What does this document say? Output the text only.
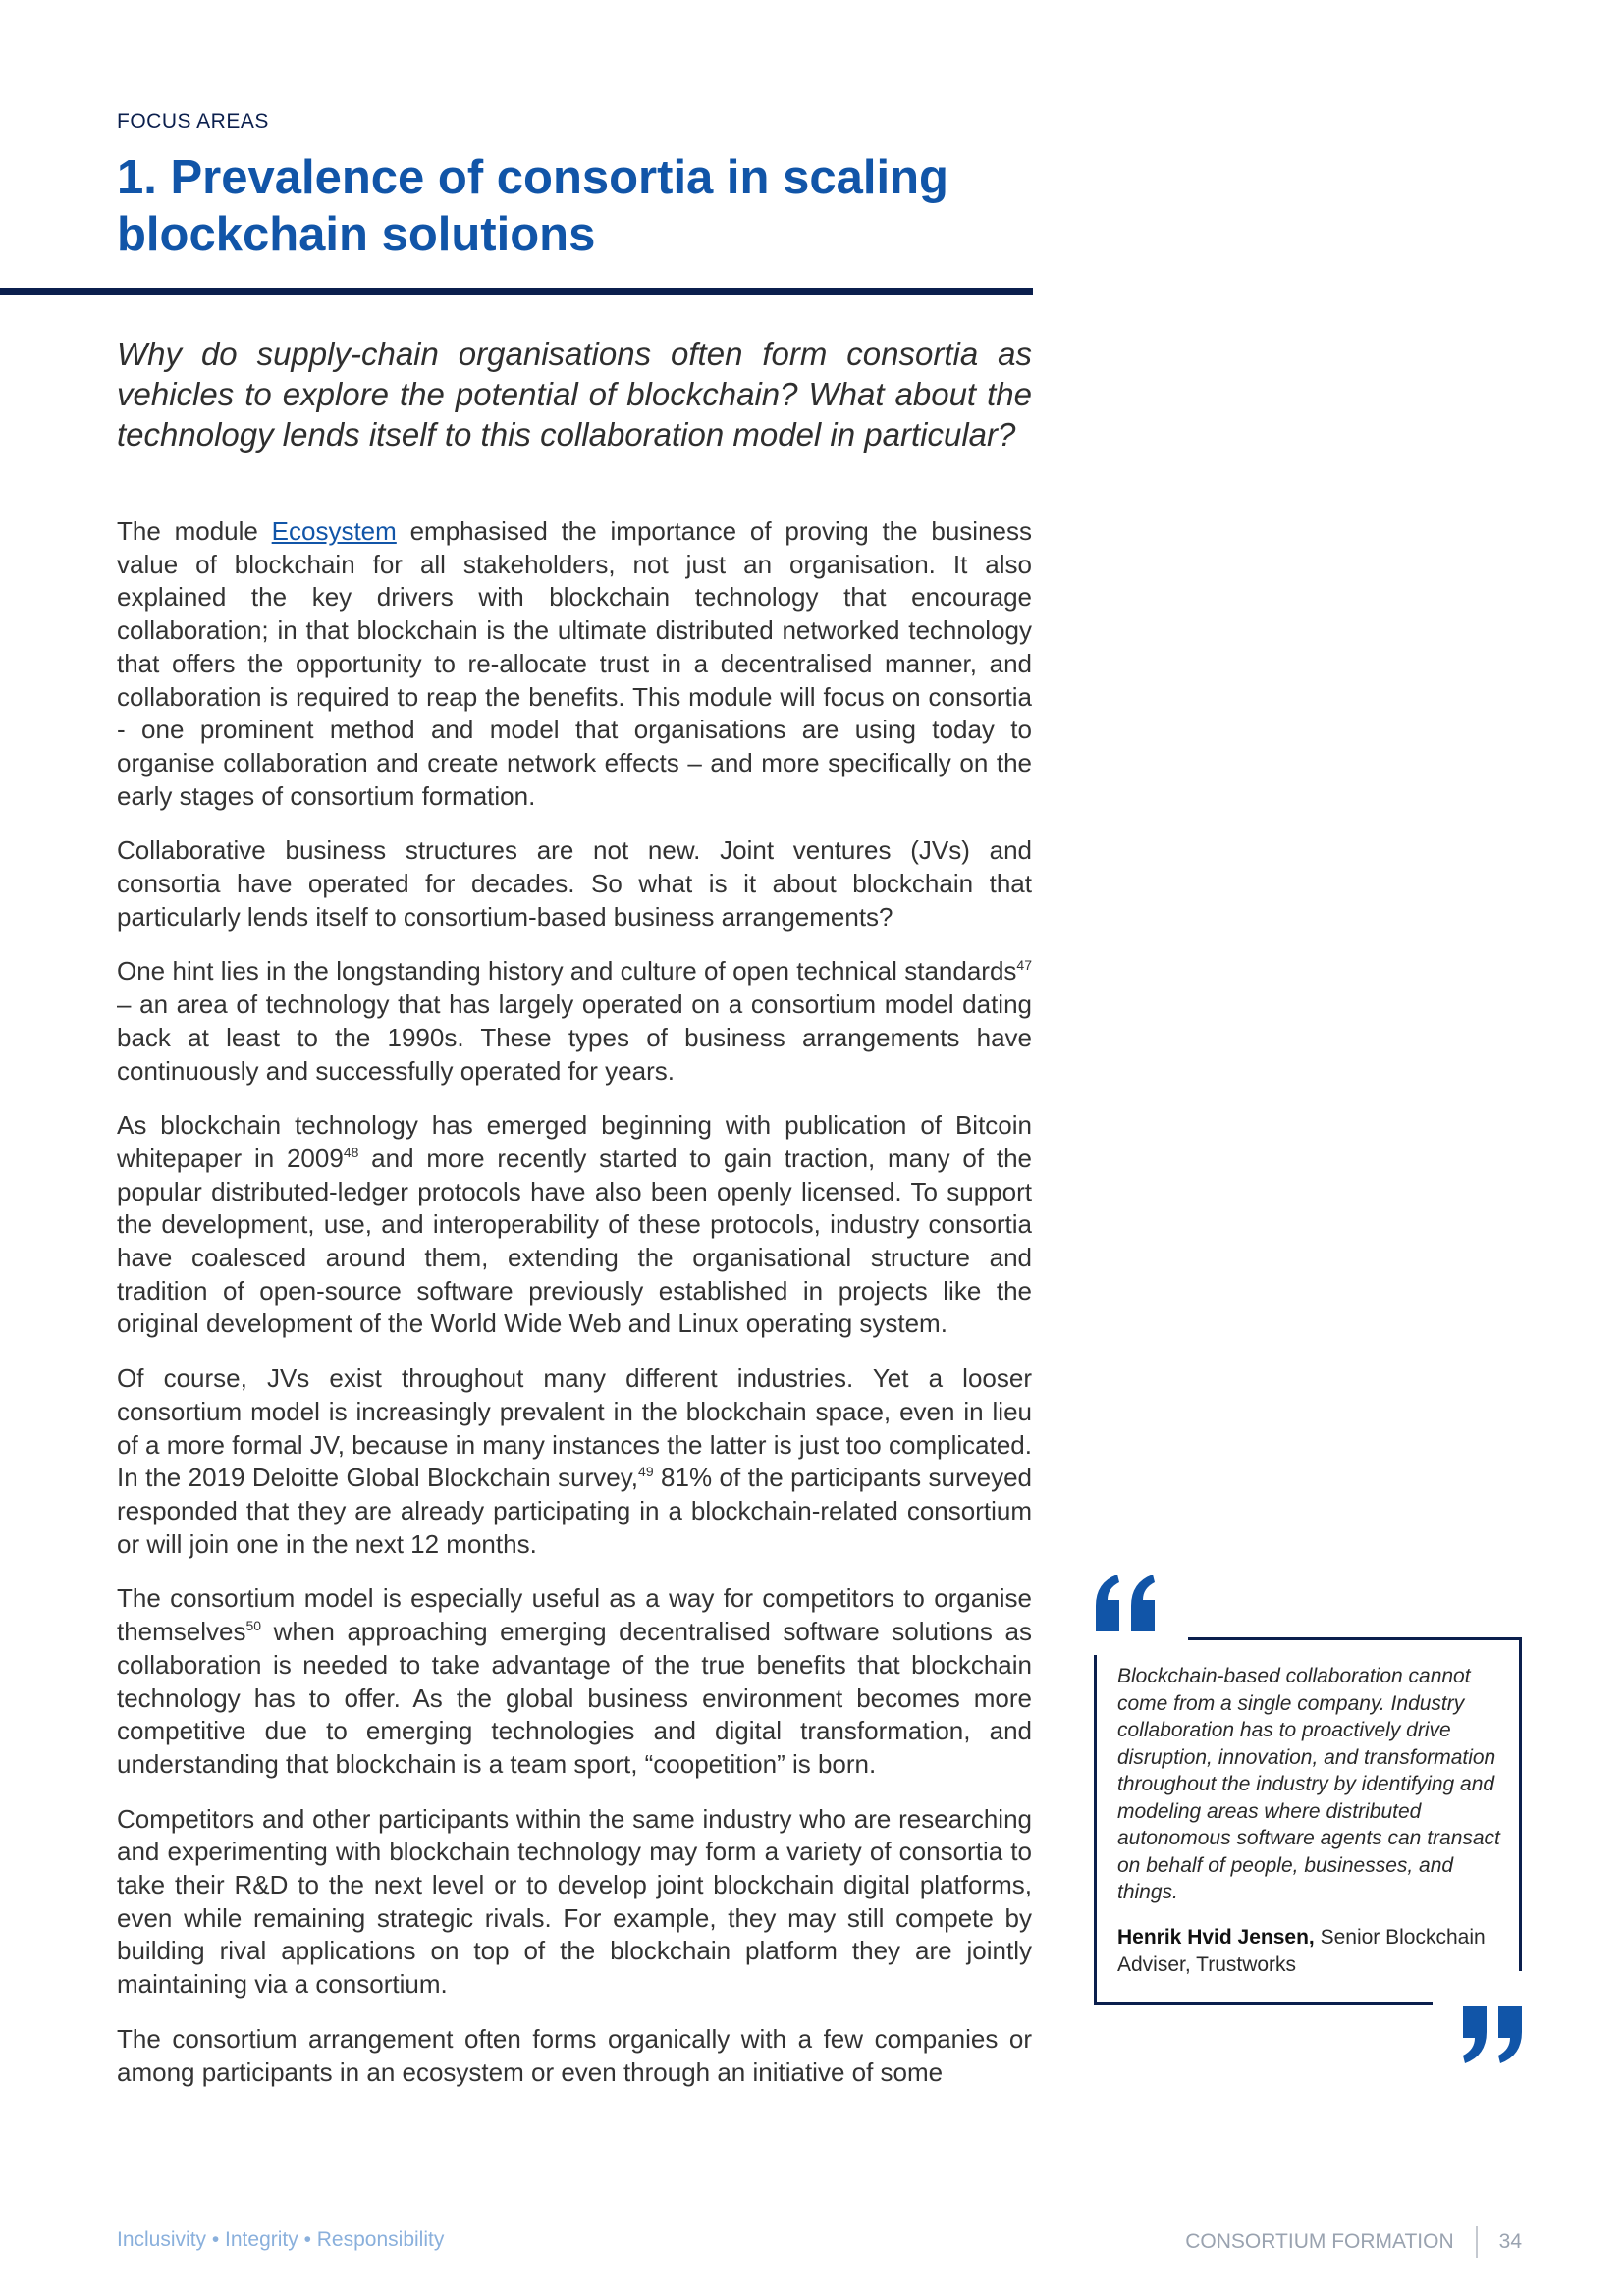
FOCUS AREAS
1. Prevalence of consortia in scaling
blockchain solutions

Why do supply-chain organisations often form consortia as vehicles to explore the potential of blockchain? What about the technology lends itself to this collaboration model in particular?

The module Ecosystem emphasised the importance of proving the business value of blockchain for all stakeholders, not just an organisation. It also explained the key drivers with blockchain technology that encourage collaboration; in that blockchain is the ultimate distributed networked technology that offers the opportunity to re-allocate trust in a decentralised manner, and collaboration is required to reap the benefits. This module will focus on consortia - one prominent method and model that organisations are using today to organise collaboration and create network effects – and more specifically on the early stages of consortium formation.

Collaborative business structures are not new. Joint ventures (JVs) and consortia have operated for decades. So what is it about blockchain that particularly lends itself to consortium-based business arrangements?

One hint lies in the longstanding history and culture of open technical standards$^{47}$ – an area of technology that has largely operated on a consortium model dating back at least to the 1990s. These types of business arrangements have continuously and successfully operated for years.

As blockchain technology has emerged beginning with publication of Bitcoin whitepaper in 2009$^{48}$ and more recently started to gain traction, many of the popular distributed-ledger protocols have also been openly licensed. To support the development, use, and interoperability of these protocols, industry consortia have coalesced around them, extending the organisational structure and tradition of open-source software previously established in projects like the original development of the World Wide Web and Linux operating system.

Of course, JVs exist throughout many different industries. Yet a looser consortium model is increasingly prevalent in the blockchain space, even in lieu of a more formal JV, because in many instances the latter is just too complicated. In the 2019 Deloitte Global Blockchain survey,$^{49}$ 81% of the participants surveyed responded that they are already participating in a blockchain-related consortium or will join one in the next 12 months.

The consortium model is especially useful as a way for competitors to organise themselves$^{50}$ when approaching emerging decentralised software solutions as collaboration is needed to take advantage of the true benefits that blockchain technology has to offer. As the global business environment becomes more competitive due to emerging technologies and digital transformation, and understanding that blockchain is a team sport, “coopetition” is born.

Competitors and other participants within the same industry who are researching and experimenting with blockchain technology may form a variety of consortia to take their R&D to the next level or to develop joint blockchain digital platforms, even while remaining strategic rivals. For example, they may still compete by building rival applications on top of the blockchain platform they are jointly maintaining via a consortium.

The consortium arrangement often forms organically with a few companies or among participants in an ecosystem or even through an initiative of some

Blockchain-based collaboration cannot come from a single company. Industry collaboration has to proactively drive disruption, innovation, and transformation throughout the industry by identifying and modeling areas where distributed autonomous software agents can transact on behalf of people, businesses, and things.

Henrik Hvid Jensen, Senior Blockchain Adviser, Trustworks
Inclusivity • Integrity • Responsibility	CONSORTIUM FORMATION 34
